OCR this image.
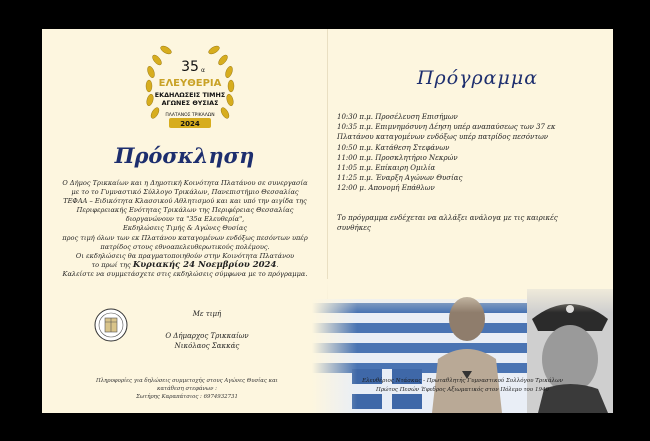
35 α
ΕΛΕΥΘΕΡΙΑ
ΕΚΔΗΛΩΣΕΙΣ ΤΙΜΗΣ
ΑΓΩΝΕΣ ΘΥΣΙΑΣ
ΠΛΑΤΑΝΟΣ ΤΡΙΚΑΛΩΝ
2024
Πρόσκληση
Ο Δήμος Τρικκαίων και η Δημοτική Κοινότητα Πλατάνου σε συνεργασία
με το το Γυμναστικό Σύλλογο Τρικάλων, Πανεπιστήμιο Θεσσαλίας
ΤΕΦΑΑ – Ειδικότητα Κλασσικού Αθλητισμού και και υπό την αιγίδα της
Περιφερειακής Ενότητας Τρικάλων της Περιφέρειας Θεσσαλίας
διοργανώνουν τα "35α Ελευθερία",
Εκδηλώσεις Τιμής & Αγώνες Θυσίας
προς τιμή όλων των εκ Πλατάνου καταγομένων ενδόξως πεσόντων υπέρ
πατρίδος στους εθνοαπελευθερωτικούς πολέμους.
Οι εκδηλώσεις θα πραγματοποιηθούν στην Κοινότητα Πλατάνου
το πρωί της Κυριακής 24 Νοεμβρίου 2024.
Καλείστε να συμμετάσχετε στις εκδηλώσεις σύμφωνα με το πρόγραμμα.
Με τιμή
Ο Δήμαρχος Τρικκαίων
Νικόλαος Σακκάς
Πληροφορίες για δηλώσεις συμμετοχής στους Αγώνες Θυσίας και
κατάθεση στεφάνων :
Σωτήρης Καραπάτσιος : 6974932731
Πρόγραμμα
10:30 π.μ. Προσέλευση Επισήμων
10:35 π.μ. Επιμνημόσυνη Δέηση υπέρ αναπαύσεως των 37 εκ
Πλατάνου καταγομένων ενδόξως υπέρ πατρίδος πεσόντων
10:50 π.μ. Κατάθεση Στεφάνων
11:00 π.μ. Προσκλητήριο Νεκρών
11:05 π.μ. Επίκαιρη Ομιλία
11:25 π.μ. Έναρξη Αγώνων Θυσίας
12:00 μ. Απονομή Επάθλων
Το πρόγραμμα ενδέχεται να αλλάξει ανάλογα με τις καιρικές
συνθήκες
Ελευθέριος Ντάσκας - Πρωταθλητής Γυμναστικού Συλλόγου Τρικάλων
Πρώτος Πεσών Έφεδρος Αξιωματικός στον Πόλεμο του 1940
